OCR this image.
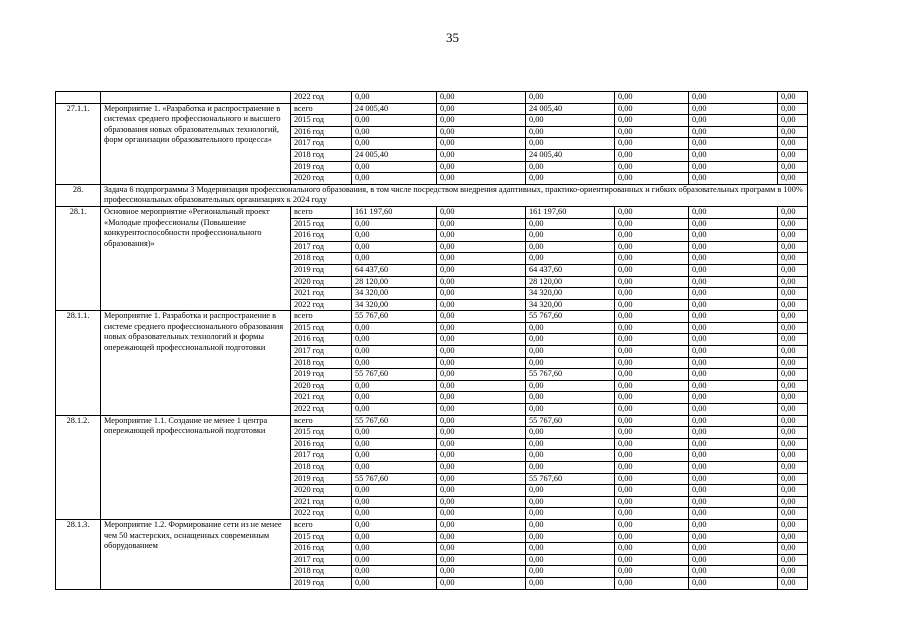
35
		2022 год	0,00	0,00	0,00	0,00	0,00	0,00	
27.1.1.	Мероприятие 1. «Разработка и распространение в системах среднего профессионального и высшего образования новых образовательных технологий, форм организации образовательного процесса»	всего	24 005,40	0,00	24 005,40	0,00	0,00	0,00	
		2015 год	0,00	0,00	0,00	0,00	0,00	0,00	
		2016 год	0,00	0,00	0,00	0,00	0,00	0,00	
		2017 год	0,00	0,00	0,00	0,00	0,00	0,00	
		2018 год	24 005,40	0,00	24 005,40	0,00	0,00	0,00	
		2019 год	0,00	0,00	0,00	0,00	0,00	0,00	
		2020 год	0,00	0,00	0,00	0,00	0,00	0,00	
28.	Задача 6 подпрограммы 3 Модернизация профессионального образования, в том числе посредством внедрения адаптивных, практико-ориентированных и гибких образовательных программ в 100% профессиональных образовательных организациях к 2024 году								
28.1.	Основное мероприятие «Региональный проект «Молодые профессионалы (Повышение конкурентоспособности профессионального образования)»	всего	161 197,60	0,00	161 197,60	0,00	0,00	0,00	
		2015 год	0,00	0,00	0,00	0,00	0,00	0,00	
		2016 год	0,00	0,00	0,00	0,00	0,00	0,00	
		2017 год	0,00	0,00	0,00	0,00	0,00	0,00	
		2018 год	0,00	0,00	0,00	0,00	0,00	0,00	
		2019 год	64 437,60	0,00	64 437,60	0,00	0,00	0,00	
		2020 год	28 120,00	0,00	28 120,00	0,00	0,00	0,00	
		2021 год	34 320,00	0,00	34 320,00	0,00	0,00	0,00	
		2022 год	34 320,00	0,00	34 320,00	0,00	0,00	0,00	
28.1.1.	Мероприятие 1. Разработка и распространение в системе среднего профессионального образования новых образовательных технологий и формы опережающей профессиональной подготовки	всего	55 767,60	0,00	55 767,60	0,00	0,00	0,00	
		2015 год	0,00	0,00	0,00	0,00	0,00	0,00	
		2016 год	0,00	0,00	0,00	0,00	0,00	0,00	
		2017 год	0,00	0,00	0,00	0,00	0,00	0,00	
		2018 год	0,00	0,00	0,00	0,00	0,00	0,00	
		2019 год	55 767,60	0,00	55 767,60	0,00	0,00	0,00	
		2020 год	0,00	0,00	0,00	0,00	0,00	0,00	
		2021 год	0,00	0,00	0,00	0,00	0,00	0,00	
		2022 год	0,00	0,00	0,00	0,00	0,00	0,00	
28.1.2.	Мероприятие 1.1. Создание не менее 1 центра опережающей профессиональной подготовки	всего	55 767,60	0,00	55 767,60	0,00	0,00	0,00	
		2015 год	0,00	0,00	0,00	0,00	0,00	0,00	
		2016 год	0,00	0,00	0,00	0,00	0,00	0,00	
		2017 год	0,00	0,00	0,00	0,00	0,00	0,00	
		2018 год	0,00	0,00	0,00	0,00	0,00	0,00	
		2019 год	55 767,60	0,00	55 767,60	0,00	0,00	0,00	
		2020 год	0,00	0,00	0,00	0,00	0,00	0,00	
		2021 год	0,00	0,00	0,00	0,00	0,00	0,00	
		2022 год	0,00	0,00	0,00	0,00	0,00	0,00	
28.1.3.	Мероприятие 1.2. Формирование сети из не менее чем 50 мастерских, оснащенных современным оборудованием	всего	0,00	0,00	0,00	0,00	0,00	0,00	
		2015 год	0,00	0,00	0,00	0,00	0,00	0,00	
		2016 год	0,00	0,00	0,00	0,00	0,00	0,00	
		2017 год	0,00	0,00	0,00	0,00	0,00	0,00	
		2018 год	0,00	0,00	0,00	0,00	0,00	0,00	
		2019 год	0,00	0,00	0,00	0,00	0,00	0,00	
